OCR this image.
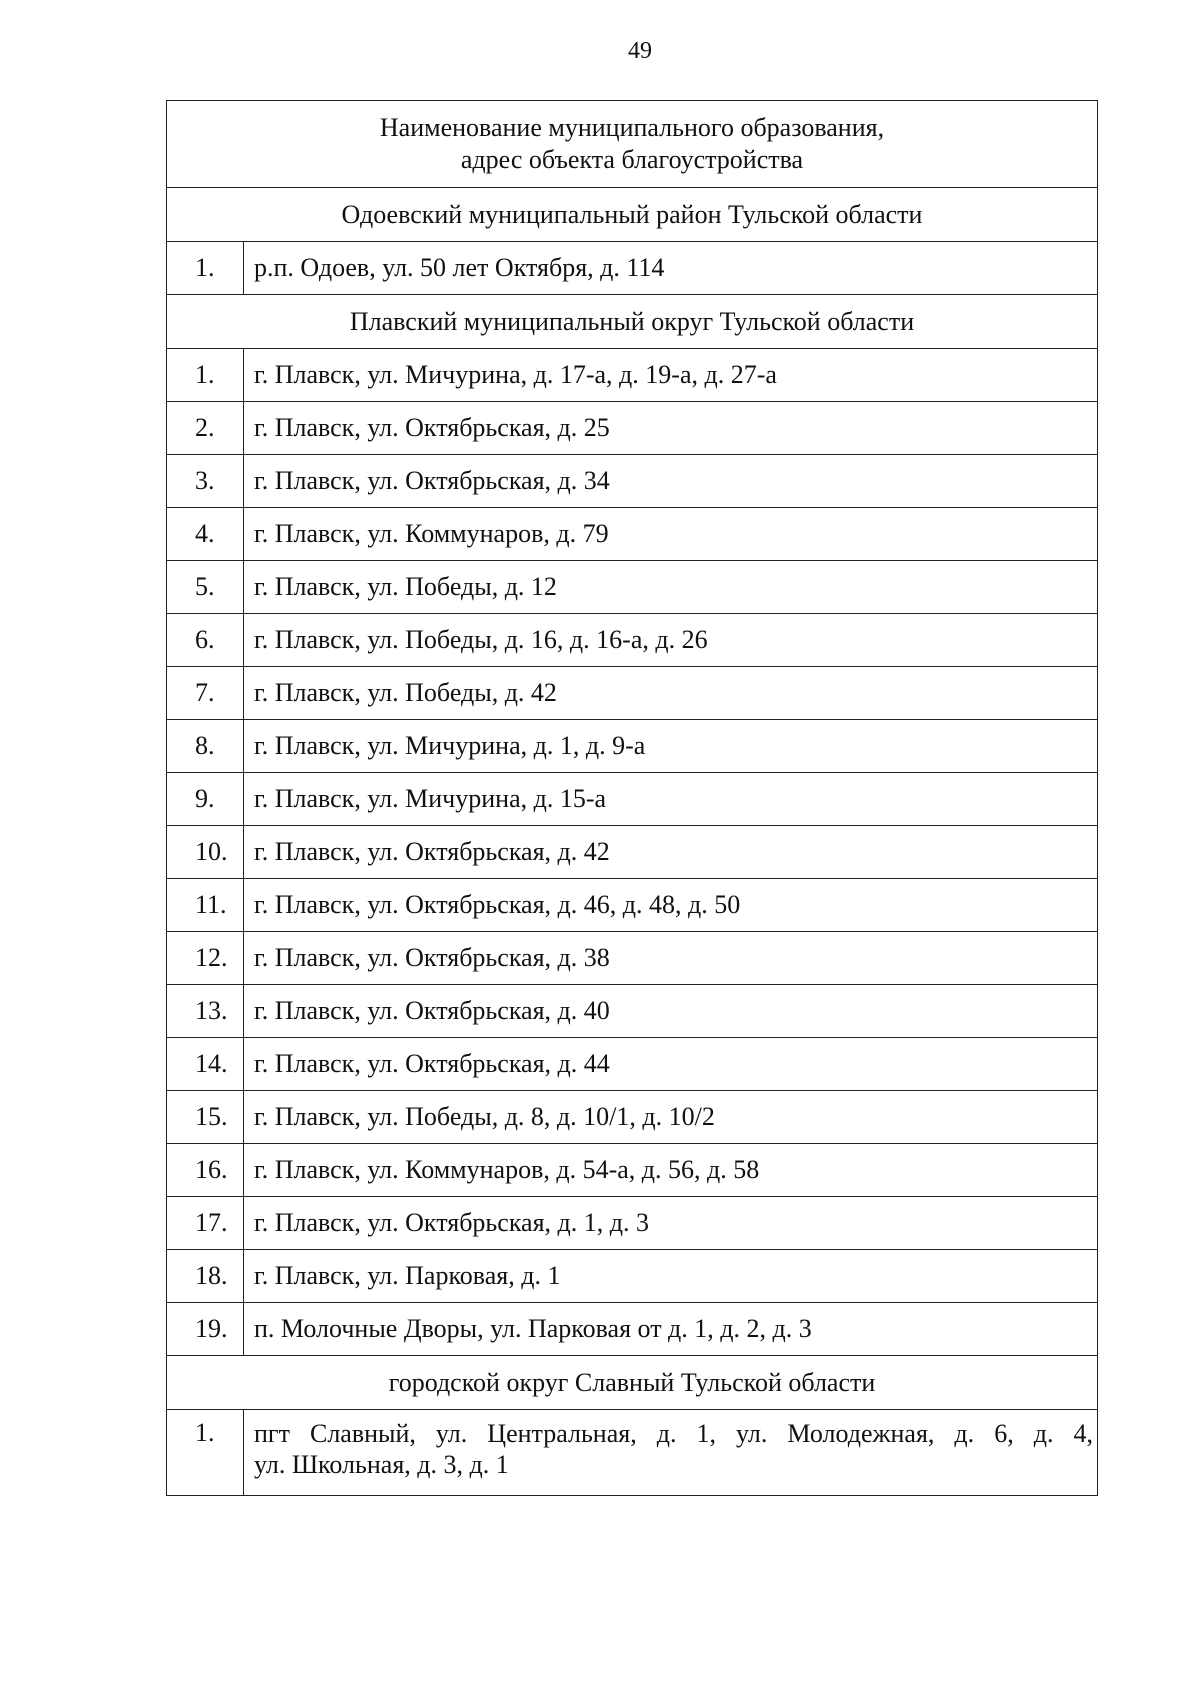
49
Наименование муниципального образования,
адрес объекта благоустройства	

Одоевский муниципальный район Тульской области	
1.	р.п. Одоев, ул. 50 лет Октября, д. 114
Плавский муниципальный округ Тульской области	
1.	г. Плавск, ул. Мичурина, д. 17-а, д. 19-а, д. 27-а
2.	г. Плавск, ул. Октябрьская, д. 25
3.	г. Плавск, ул. Октябрьская, д. 34
4.	г. Плавск, ул. Коммунаров, д. 79
5.	г. Плавск, ул. Победы, д. 12
6.	г. Плавск, ул. Победы, д. 16, д. 16-а, д. 26
7.	г. Плавск, ул. Победы, д. 42
8.	г. Плавск, ул. Мичурина, д. 1, д. 9-а
9.	г. Плавск, ул. Мичурина, д. 15-а
10.	г. Плавск, ул. Октябрьская, д. 42
11.	г. Плавск, ул. Октябрьская, д. 46, д. 48, д. 50
12.	г. Плавск, ул. Октябрьская, д. 38
13.	г. Плавск, ул. Октябрьская, д. 40
14.	г. Плавск, ул. Октябрьская, д. 44
15.	г. Плавск, ул. Победы, д. 8, д. 10/1, д. 10/2
16.	г. Плавск, ул. Коммунаров, д. 54-а, д. 56, д. 58
17.	г. Плавск, ул. Октябрьская, д. 1, д. 3
18.	г. Плавск, ул. Парковая, д. 1
19.	п. Молочные Дворы, ул. Парковая от д. 1, д. 2, д. 3
городской округ Славный Тульской области	
1.	пгт Славный, ул. Центральная, д. 1, ул. Молодежная, д. 6, д. 4,
ул. Школьная, д. 3, д. 1
